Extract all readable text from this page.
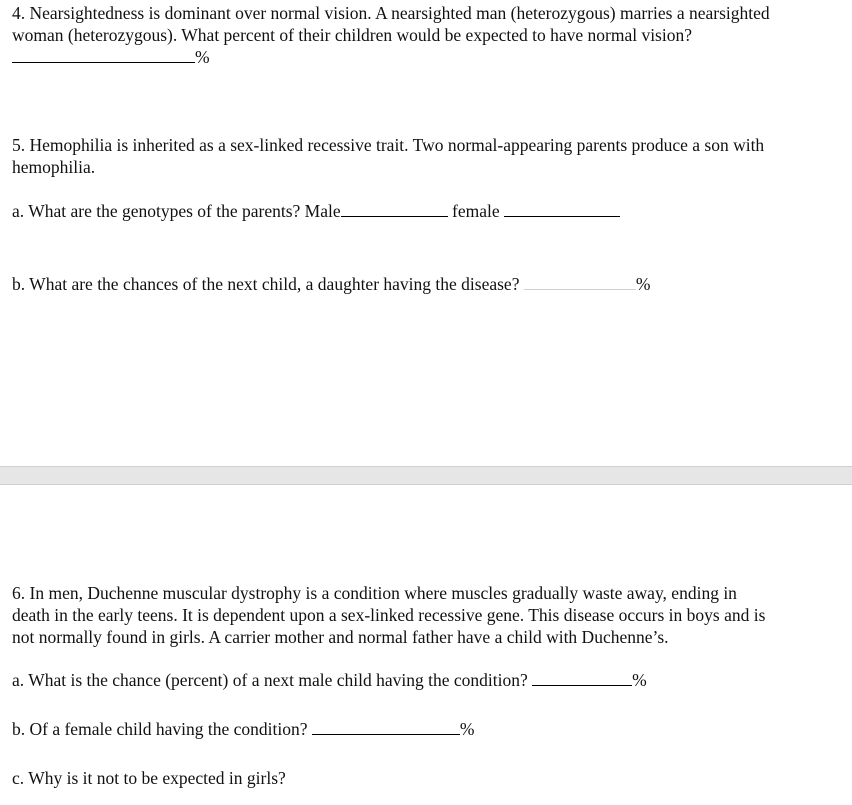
4. Nearsightedness is dominant over normal vision. A nearsighted man (heterozygous) marries a nearsighted
woman (heterozygous). What percent of their children would be expected to have normal vision?
%
5. Hemophilia is inherited as a sex-linked recessive trait. Two normal-appearing parents produce a son with
hemophilia.
a. What are the genotypes of the parents? Male	female
b. What are the chances of the next child, a daughter having the disease?	%
6. In men, Duchenne muscular dystrophy is a condition where muscles gradually waste away, ending in
death in the early teens. It is dependent upon a sex-linked recessive gene. This disease occurs in boys and is
not normally found in girls. A carrier mother and normal father have a child with Duchenne’s.
a. What is the chance (percent) of a next male child having the condition?	%
b. Of a female child having the condition?	%
c. Why is it not to be expected in girls?
